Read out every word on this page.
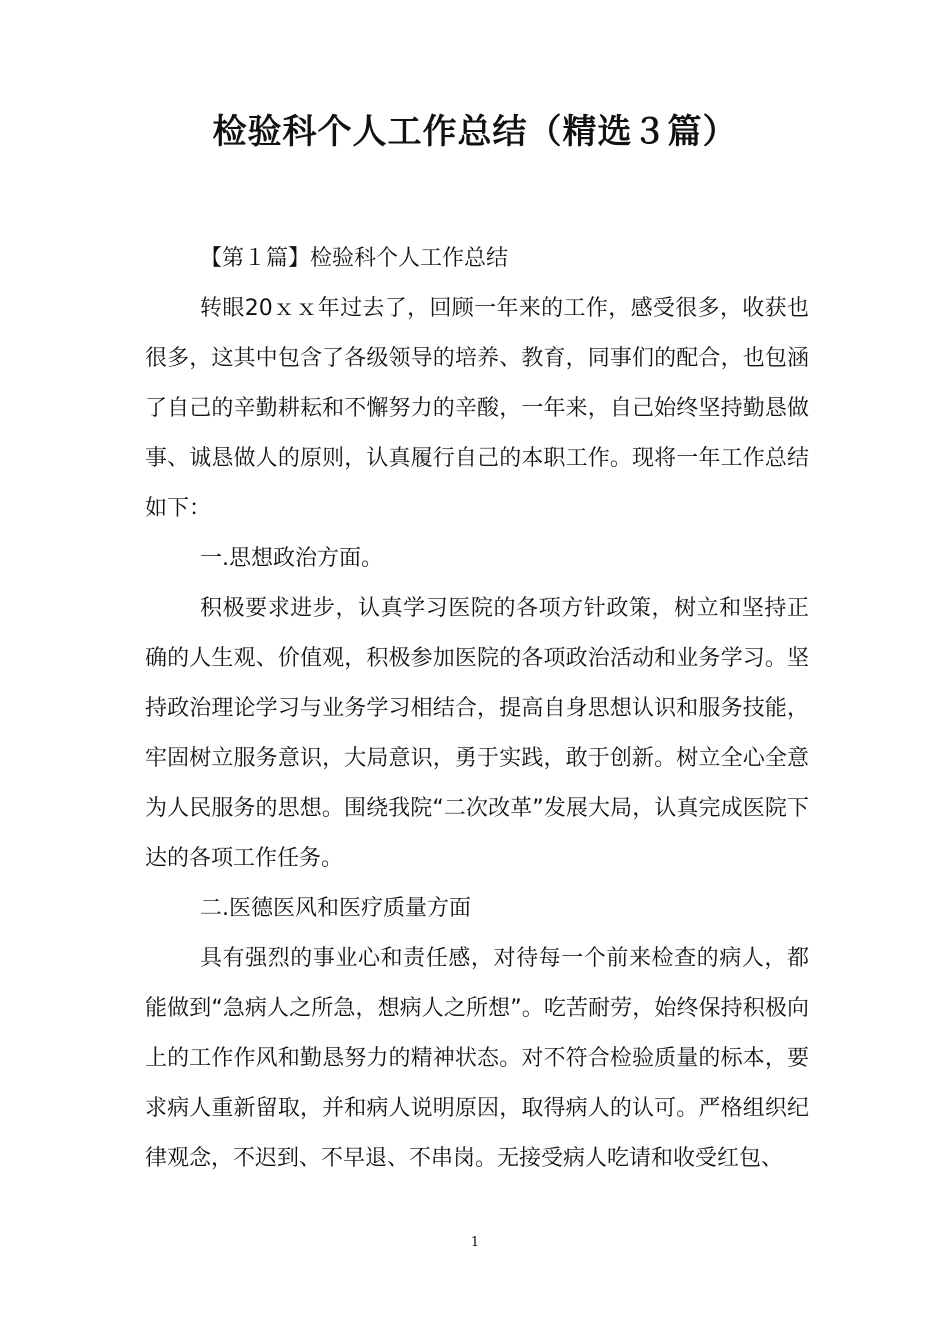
检验科个人工作总结（精选３篇）

【第１篇】检验科个人工作总结

转眼20ｘｘ年过去了，回顾一年来的工作，感受很多，收获也很多，这其中包含了各级领导的培养、教育，同事们的配合，也包涵了自己的辛勤耕耘和不懈努力的辛酸，一年来，自己始终坚持勤恳做事、诚恳做人的原则，认真履行自己的本职工作。现将一年工作总结如下：

一.思想政治方面。

积极要求进步，认真学习医院的各项方针政策，树立和坚持正确的人生观、价值观，积极参加医院的各项政治活动和业务学习。坚持政治理论学习与业务学习相结合，提高自身思想认识和服务技能，牢固树立服务意识，大局意识，勇于实践，敢于创新。树立全心全意为人民服务的思想。围绕我院“二次改革”发展大局，认真完成医院下达的各项工作任务。

二.医德医风和医疗质量方面

具有强烈的事业心和责任感，对待每一个前来检查的病人，都能做到“急病人之所急，想病人之所想”。吃苦耐劳，始终保持积极向上的工作作风和勤恳努力的精神状态。对不符合检验质量的标本，要求病人重新留取，并和病人说明原因，取得病人的认可。严格组织纪律观念，不迟到、不早退、不串岗。无接受病人吃请和收受红包、

1
